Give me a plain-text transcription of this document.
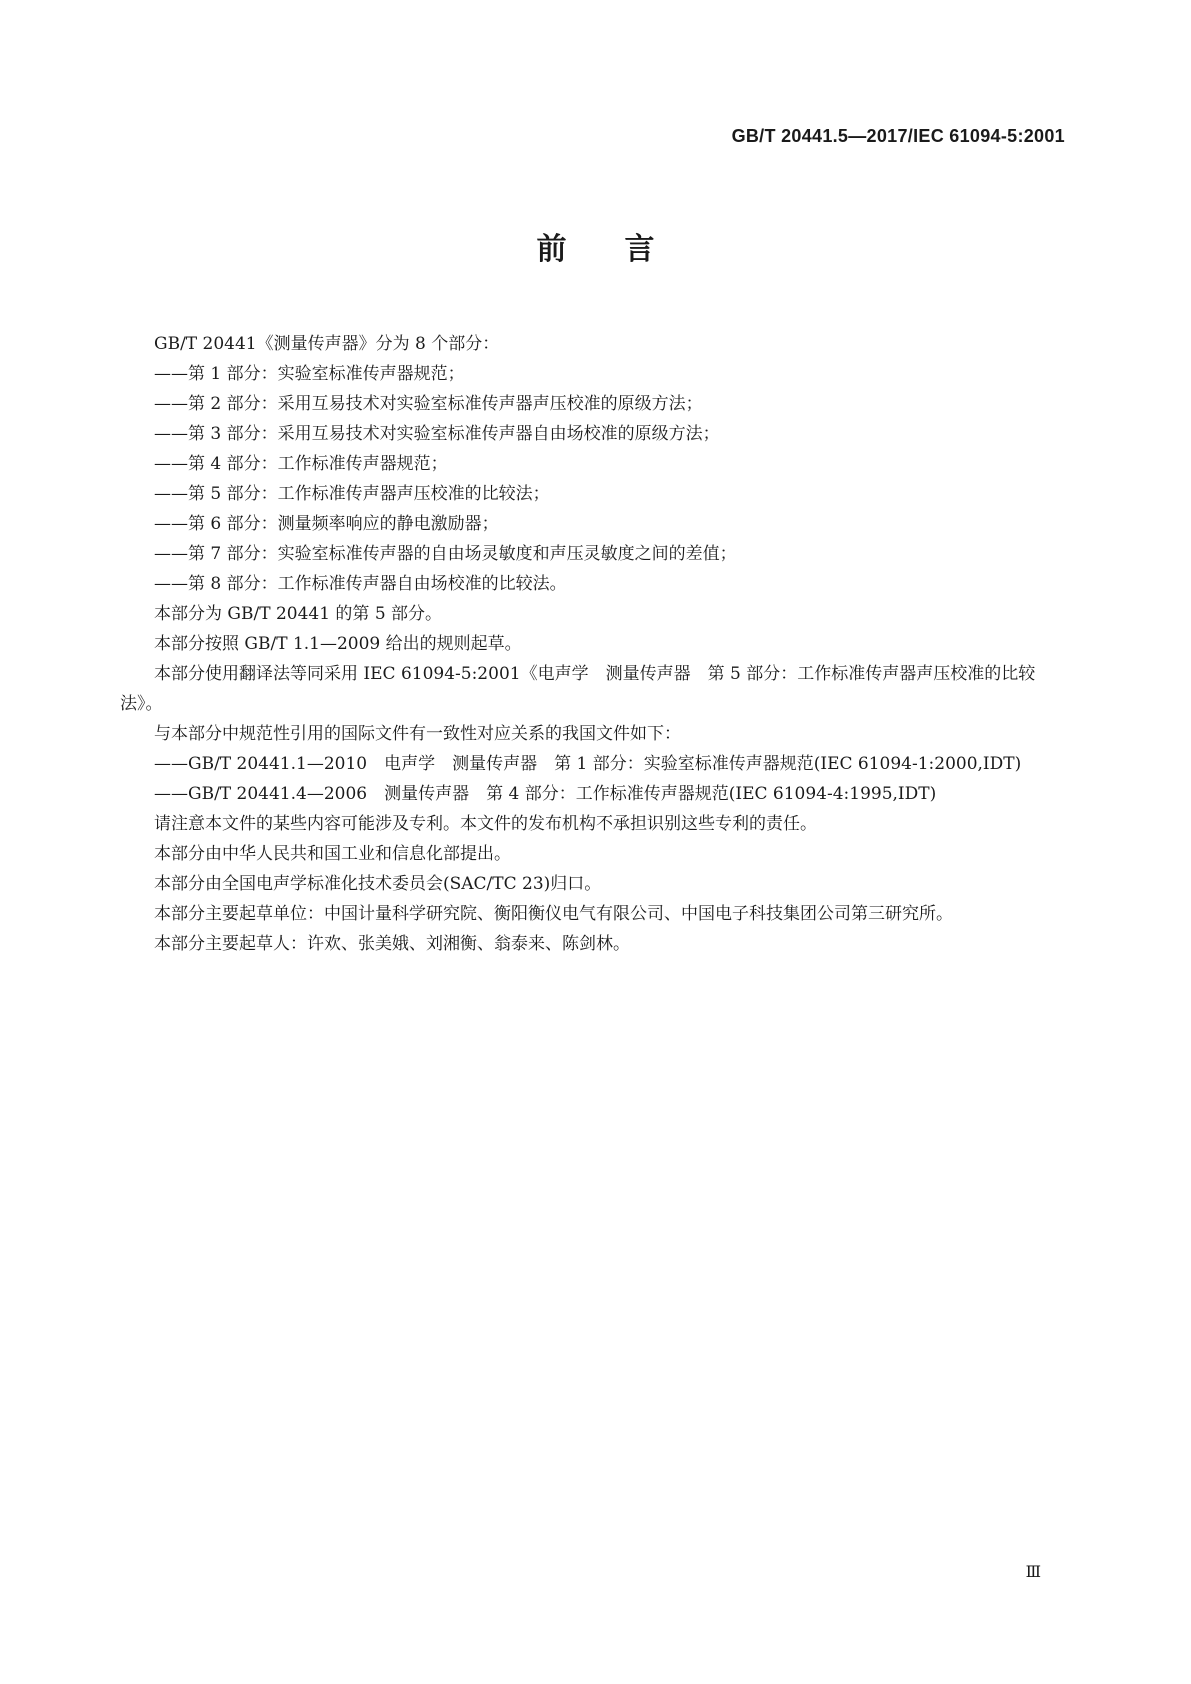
GB/T 20441.5—2017/IEC 61094-5:2001
前言

GB/T 20441《测量传声器》分为 8 个部分：

——第 1 部分：实验室标准传声器规范；

——第 2 部分：采用互易技术对实验室标准传声器声压校准的原级方法；

——第 3 部分：采用互易技术对实验室标准传声器自由场校准的原级方法；

——第 4 部分：工作标准传声器规范；

——第 5 部分：工作标准传声器声压校准的比较法；

——第 6 部分：测量频率响应的静电激励器；

——第 7 部分：实验室标准传声器的自由场灵敏度和声压灵敏度之间的差值；

——第 8 部分：工作标准传声器自由场校准的比较法。

本部分为 GB/T 20441 的第 5 部分。

本部分按照 GB/T 1.1—2009 给出的规则起草。

本部分使用翻译法等同采用 IEC 61094-5:2001《电声学　测量传声器　第 5 部分：工作标准传声器声压校准的比较法》。

与本部分中规范性引用的国际文件有一致性对应关系的我国文件如下：

——GB/T 20441.1—2010　电声学　测量传声器　第 1 部分：实验室标准传声器规范(IEC 61094-1:2000,IDT)

——GB/T 20441.4—2006　测量传声器　第 4 部分：工作标准传声器规范(IEC 61094-4:1995,IDT)

请注意本文件的某些内容可能涉及专利。本文件的发布机构不承担识别这些专利的责任。

本部分由中华人民共和国工业和信息化部提出。

本部分由全国电声学标准化技术委员会(SAC/TC 23)归口。

本部分主要起草单位：中国计量科学研究院、衡阳衡仪电气有限公司、中国电子科技集团公司第三研究所。

本部分主要起草人：许欢、张美娥、刘湘衡、翁泰来、陈剑林。

Ⅲ
